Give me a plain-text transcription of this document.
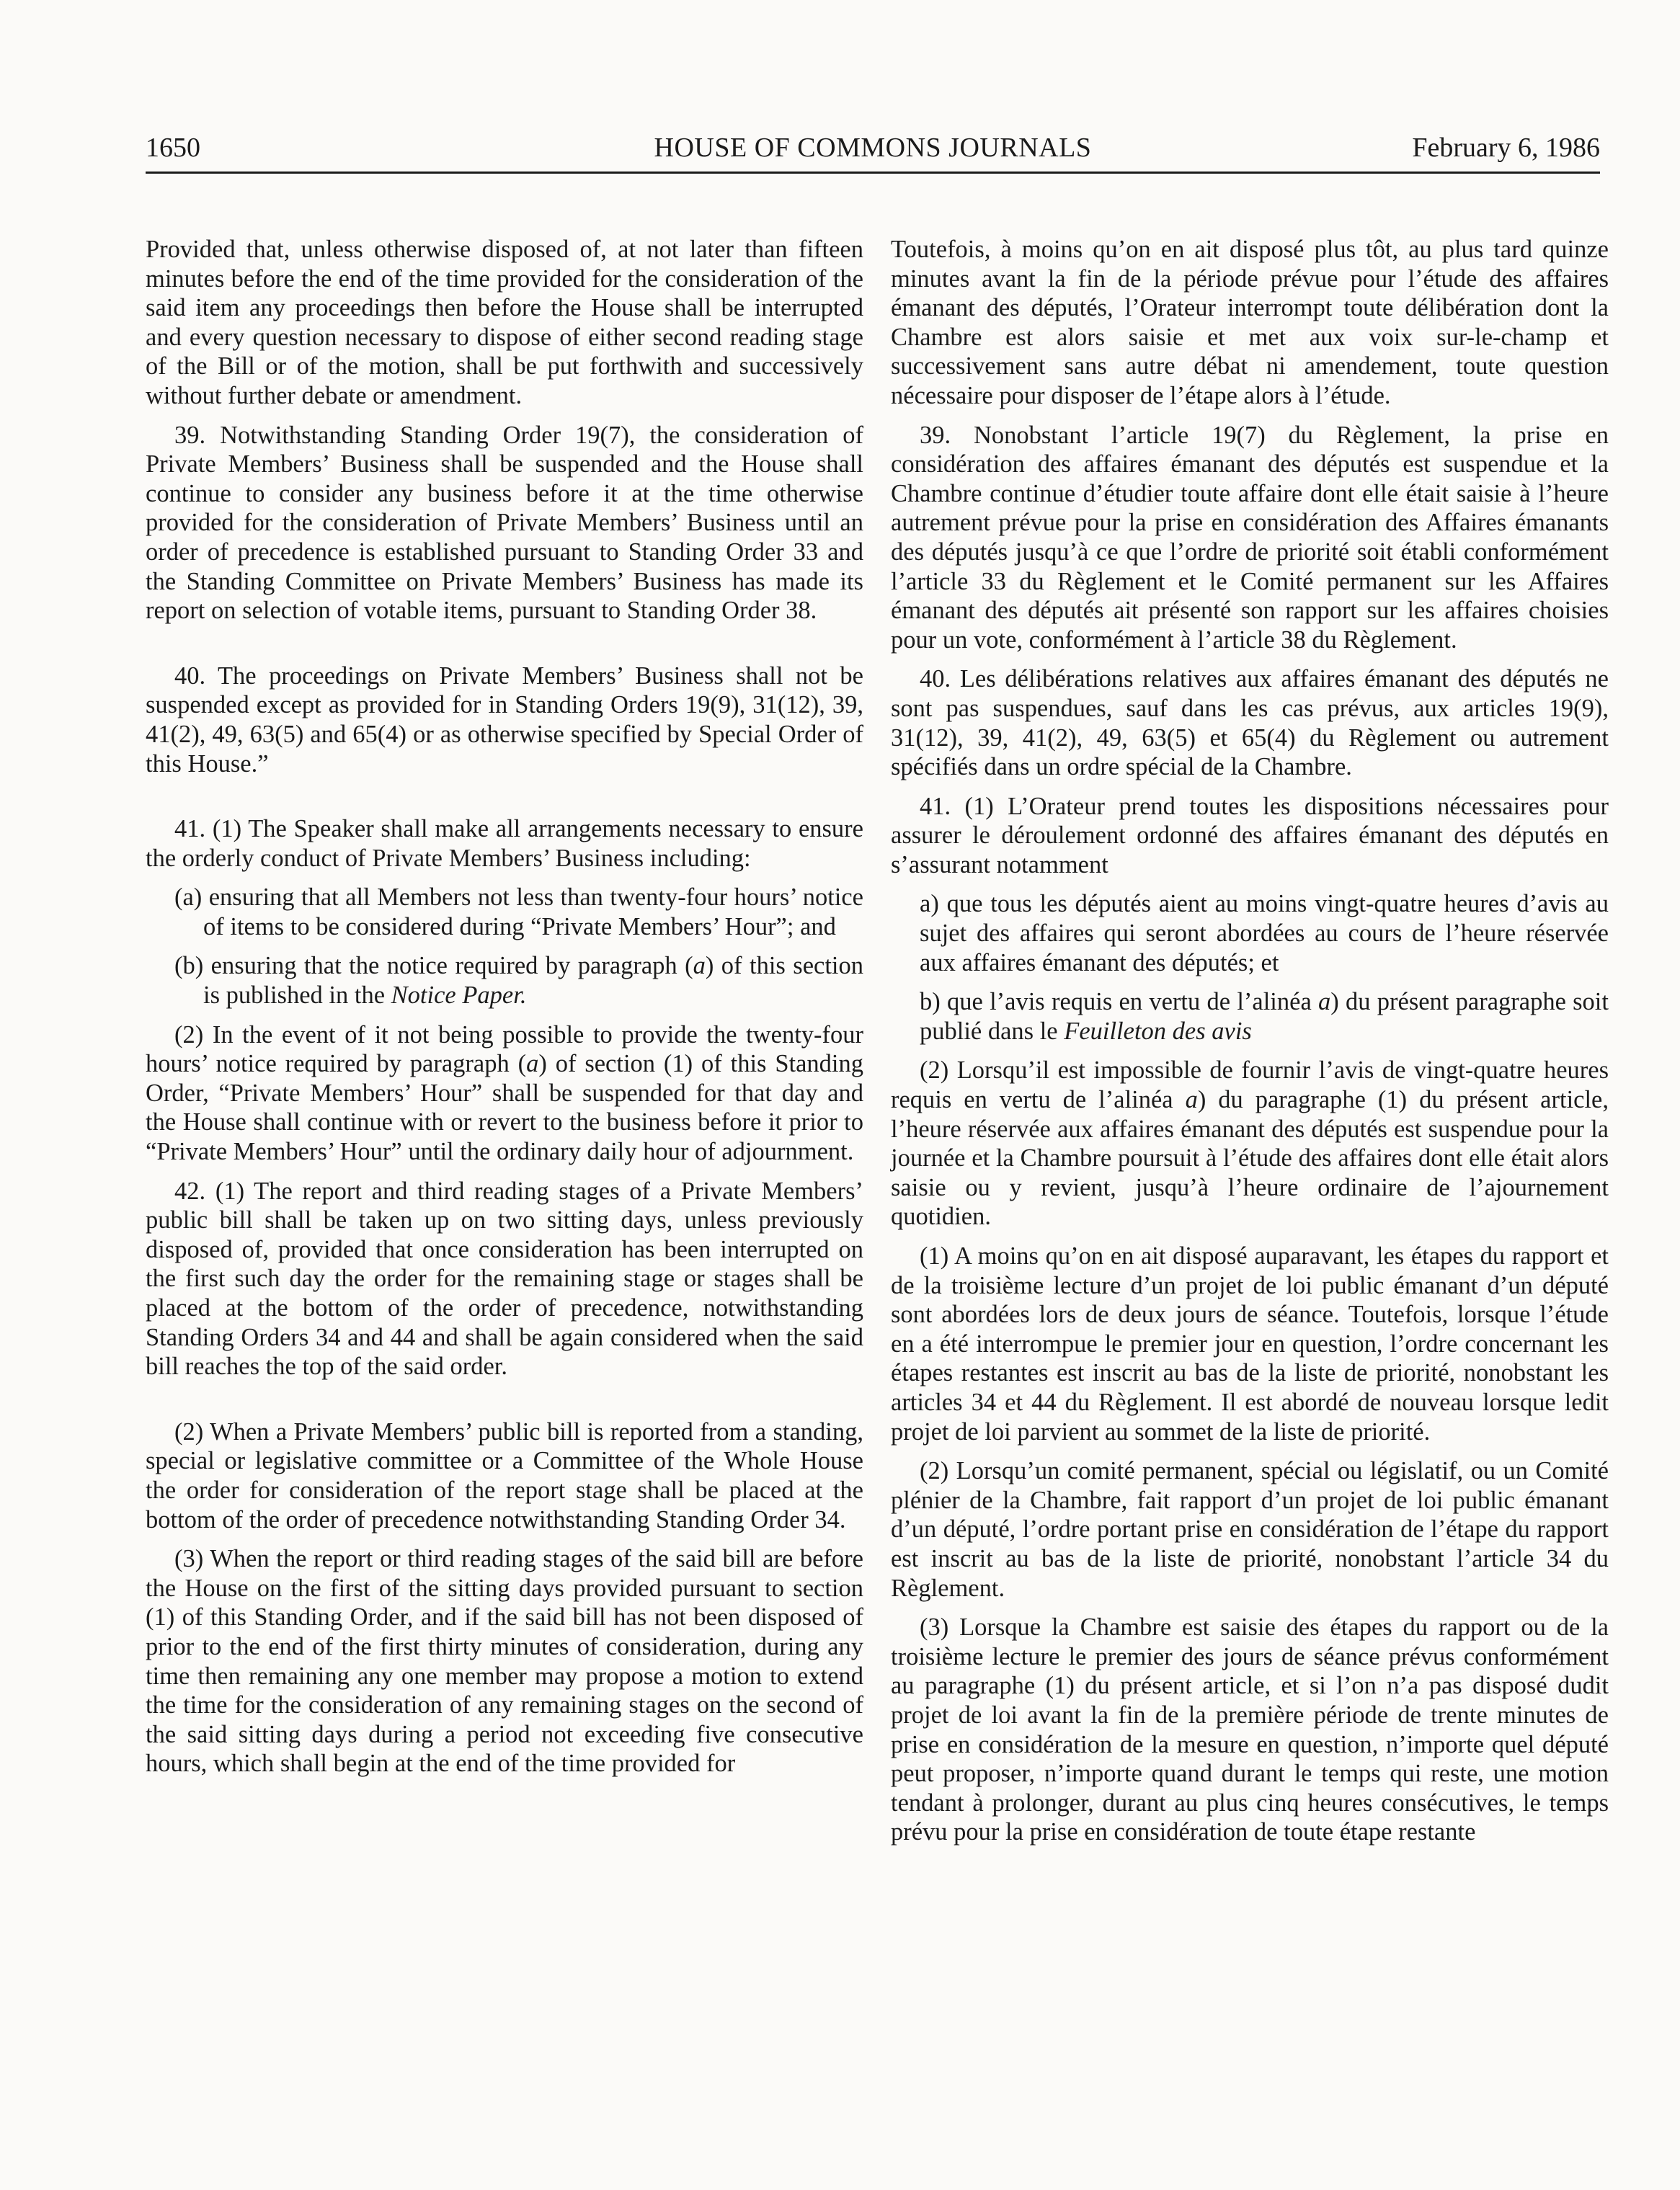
1650	HOUSE OF COMMONS JOURNALS	February 6, 1986

Provided that, unless otherwise disposed of, at not later than fifteen minutes before the end of the time provided for the consideration of the said item any proceedings then before the House shall be interrupted and every question necessary to dispose of either second reading stage of the Bill or of the motion, shall be put forthwith and successively without further debate or amendment.

39. Notwithstanding Standing Order 19(7), the consideration of Private Members’ Business shall be suspended and the House shall continue to consider any business before it at the time otherwise provided for the consideration of Private Members’ Business until an order of precedence is established pursuant to Standing Order 33 and the Standing Committee on Private Members’ Business has made its report on selection of votable items, pursuant to Standing Order 38.

40. The proceedings on Private Members’ Business shall not be suspended except as provided for in Standing Orders 19(9), 31(12), 39, 41(2), 49, 63(5) and 65(4) or as otherwise specified by Special Order of this House.”

41. (1) The Speaker shall make all arrangements necessary to ensure the orderly conduct of Private Members’ Business including:

(a) ensuring that all Members not less than twenty-four hours’ notice of items to be considered during “Private Members’ Hour”; and

(b) ensuring that the notice required by paragraph (a) of this section is published in the Notice Paper.

(2) In the event of it not being possible to provide the twenty-four hours’ notice required by paragraph (a) of section (1) of this Standing Order, “Private Members’ Hour” shall be suspended for that day and the House shall continue with or revert to the business before it prior to “Private Members’ Hour” until the ordinary daily hour of adjournment.

42. (1) The report and third reading stages of a Private Members’ public bill shall be taken up on two sitting days, unless previously disposed of, provided that once consideration has been interrupted on the first such day the order for the remaining stage or stages shall be placed at the bottom of the order of precedence, notwithstanding Standing Orders 34 and 44 and shall be again considered when the said bill reaches the top of the said order.

(2) When a Private Members’ public bill is reported from a standing, special or legislative committee or a Committee of the Whole House the order for consideration of the report stage shall be placed at the bottom of the order of precedence notwithstanding Standing Order 34.

(3) When the report or third reading stages of the said bill are before the House on the first of the sitting days provided pursuant to section (1) of this Standing Order, and if the said bill has not been disposed of prior to the end of the first thirty minutes of consideration, during any time then remaining any one member may propose a motion to extend the time for the consideration of any remaining stages on the second of the said sitting days during a period not exceeding five consecutive hours, which shall begin at the end of the time provided for

Toutefois, à moins qu’on en ait disposé plus tôt, au plus tard quinze minutes avant la fin de la période prévue pour l’étude des affaires émanant des députés, l’Orateur interrompt toute délibération dont la Chambre est alors saisie et met aux voix sur-le-champ et successivement sans autre débat ni amendement, toute question nécessaire pour disposer de l’étape alors à l’étude.

39. Nonobstant l’article 19(7) du Règlement, la prise en considération des affaires émanant des députés est suspendue et la Chambre continue d’étudier toute affaire dont elle était saisie à l’heure autrement prévue pour la prise en considération des Affaires émanants des députés jusqu’à ce que l’ordre de priorité soit établi conformément l’article 33 du Règlement et le Comité permanent sur les Affaires émanant des députés ait présenté son rapport sur les affaires choisies pour un vote, conformément à l’article 38 du Règlement.

40. Les délibérations relatives aux affaires émanant des députés ne sont pas suspendues, sauf dans les cas prévus, aux articles 19(9), 31(12), 39, 41(2), 49, 63(5) et 65(4) du Règlement ou autrement spécifiés dans un ordre spécial de la Chambre.

41. (1) L’Orateur prend toutes les dispositions nécessaires pour assurer le déroulement ordonné des affaires émanant des députés en s’assurant notamment

a) que tous les députés aient au moins vingt-quatre heures d’avis au sujet des affaires qui seront abordées au cours de l’heure réservée aux affaires émanant des députés; et

b) que l’avis requis en vertu de l’alinéa a) du présent paragraphe soit publié dans le Feuilleton des avis

(2) Lorsqu’il est impossible de fournir l’avis de vingt-quatre heures requis en vertu de l’alinéa a) du paragraphe (1) du présent article, l’heure réservée aux affaires émanant des députés est suspendue pour la journée et la Chambre poursuit à l’étude des affaires dont elle était alors saisie ou y revient, jusqu’à l’heure ordinaire de l’ajournement quotidien.

(1) A moins qu’on en ait disposé auparavant, les étapes du rapport et de la troisième lecture d’un projet de loi public émanant d’un député sont abordées lors de deux jours de séance. Toutefois, lorsque l’étude en a été interrompue le premier jour en question, l’ordre concernant les étapes restantes est inscrit au bas de la liste de priorité, nonobstant les articles 34 et 44 du Règlement. Il est abordé de nouveau lorsque ledit projet de loi parvient au sommet de la liste de priorité.

(2) Lorsqu’un comité permanent, spécial ou législatif, ou un Comité plénier de la Chambre, fait rapport d’un projet de loi public émanant d’un député, l’ordre portant prise en considération de l’étape du rapport est inscrit au bas de la liste de priorité, nonobstant l’article 34 du Règlement.

(3) Lorsque la Chambre est saisie des étapes du rapport ou de la troisième lecture le premier des jours de séance prévus conformément au paragraphe (1) du présent article, et si l’on n’a pas disposé dudit projet de loi avant la fin de la première période de trente minutes de prise en considération de la mesure en question, n’importe quel député peut proposer, n’importe quand durant le temps qui reste, une motion tendant à prolonger, durant au plus cinq heures consécutives, le temps prévu pour la prise en considération de toute étape restante
